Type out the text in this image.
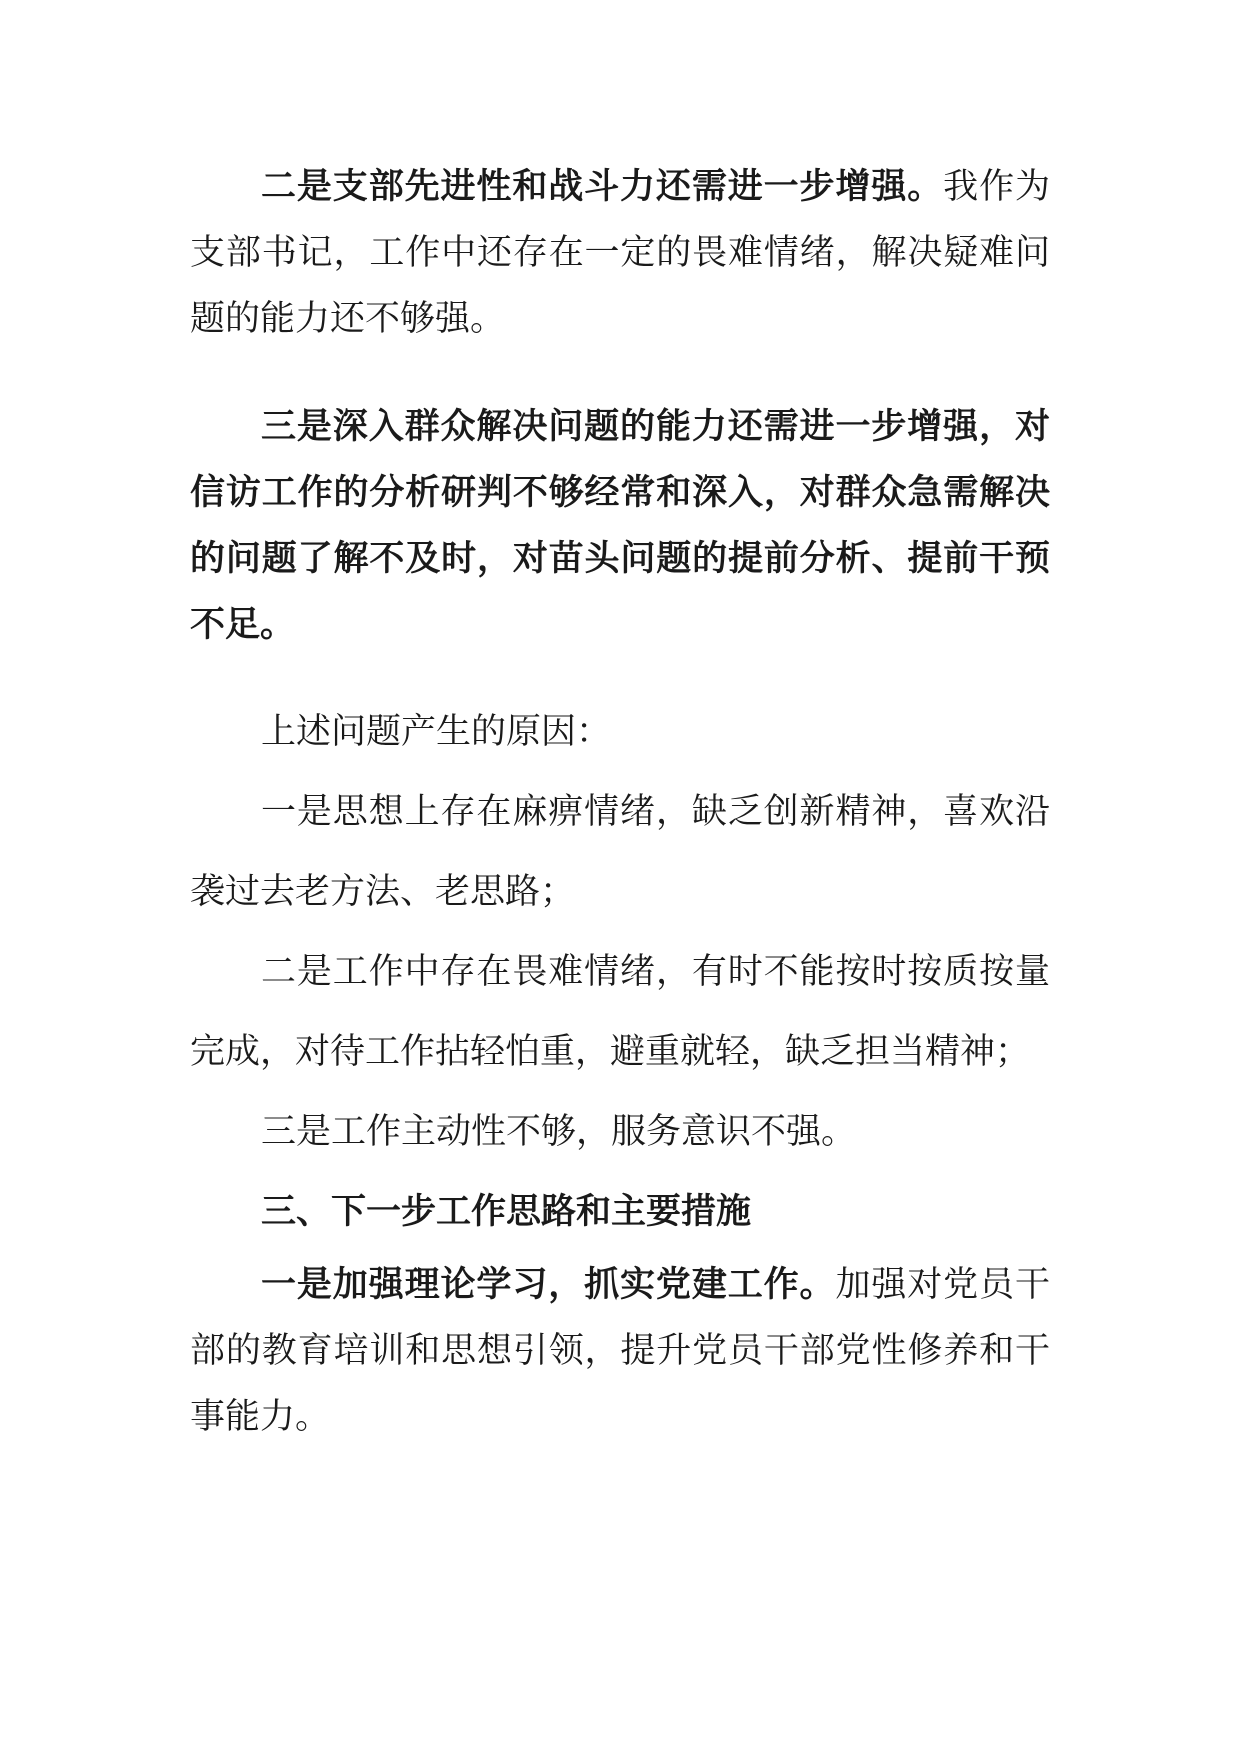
二是支部先进性和战斗力还需进一步增强。我作为支部书记，工作中还存在一定的畏难情绪，解决疑难问题的能力还不够强。

三是深入群众解决问题的能力还需进一步增强，对信访工作的分析研判不够经常和深入，对群众急需解决的问题了解不及时，对苗头问题的提前分析、提前干预不足。

上述问题产生的原因：

一是思想上存在麻痹情绪，缺乏创新精神，喜欢沿袭过去老方法、老思路；

二是工作中存在畏难情绪，有时不能按时按质按量完成，对待工作拈轻怕重，避重就轻，缺乏担当精神；

三是工作主动性不够，服务意识不强。

三、下一步工作思路和主要措施

一是加强理论学习，抓实党建工作。加强对党员干部的教育培训和思想引领，提升党员干部党性修养和干事能力。
